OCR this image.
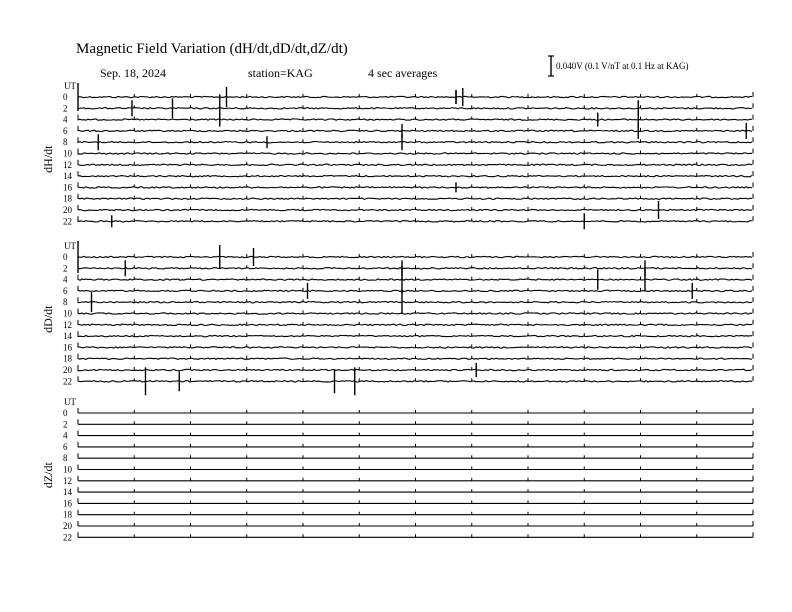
Magnetic Field Variation (dH/dt,dD/dt,dZ/dt)
Sep. 18, 2024	station=KAG	4 sec averages	0.040V (0.1 V/nT at 0.1 Hz at KAG)
UT
dH/dt
0
2
4
6
8
10
12
14
16
18
20
22
UT
dD/dt
0
2
4
6
8
10
12
14
16
18
20
22
UT
dZ/dt
0
2
4
6
8
10
12
14
16
18
20
22
